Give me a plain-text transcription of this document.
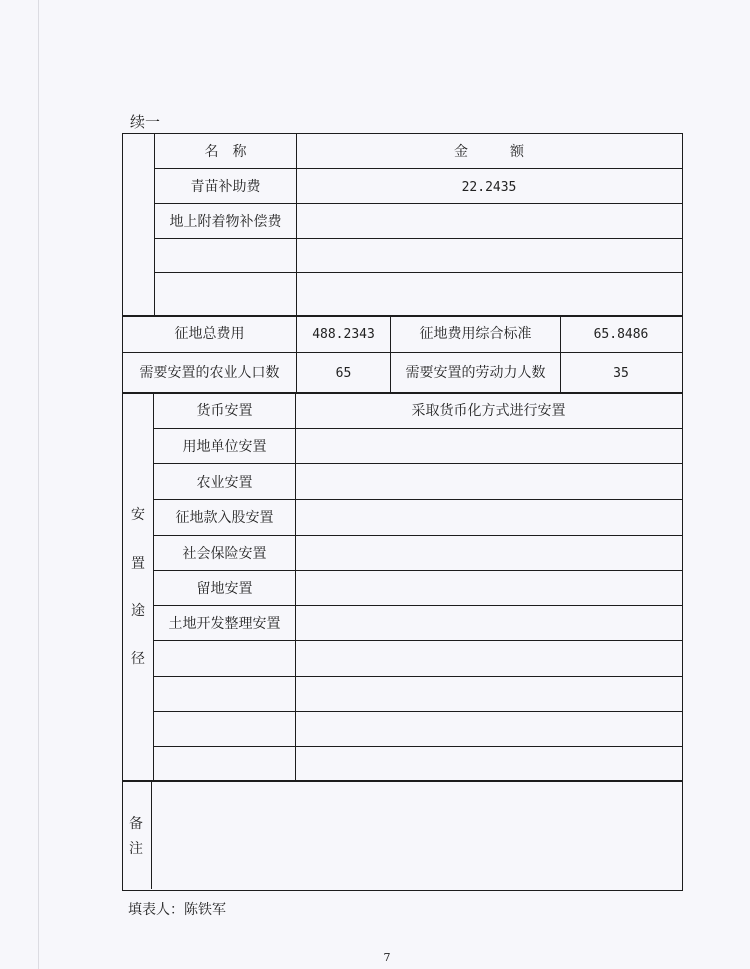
续一
名　称	金　　　额
青苗补助费	22.2435
地上附着物补偿费
征地总费用	488.2343	征地费用综合标准	65.8486
需要安置的农业人口数	65	需要安置的劳动力人数	35
安
置
途
径
货币安置	采取货币化方式进行安置
用地单位安置
农业安置
征地款入股安置
社会保险安置
留地安置
土地开发整理安置
备
注
填表人： 陈铁军
7
